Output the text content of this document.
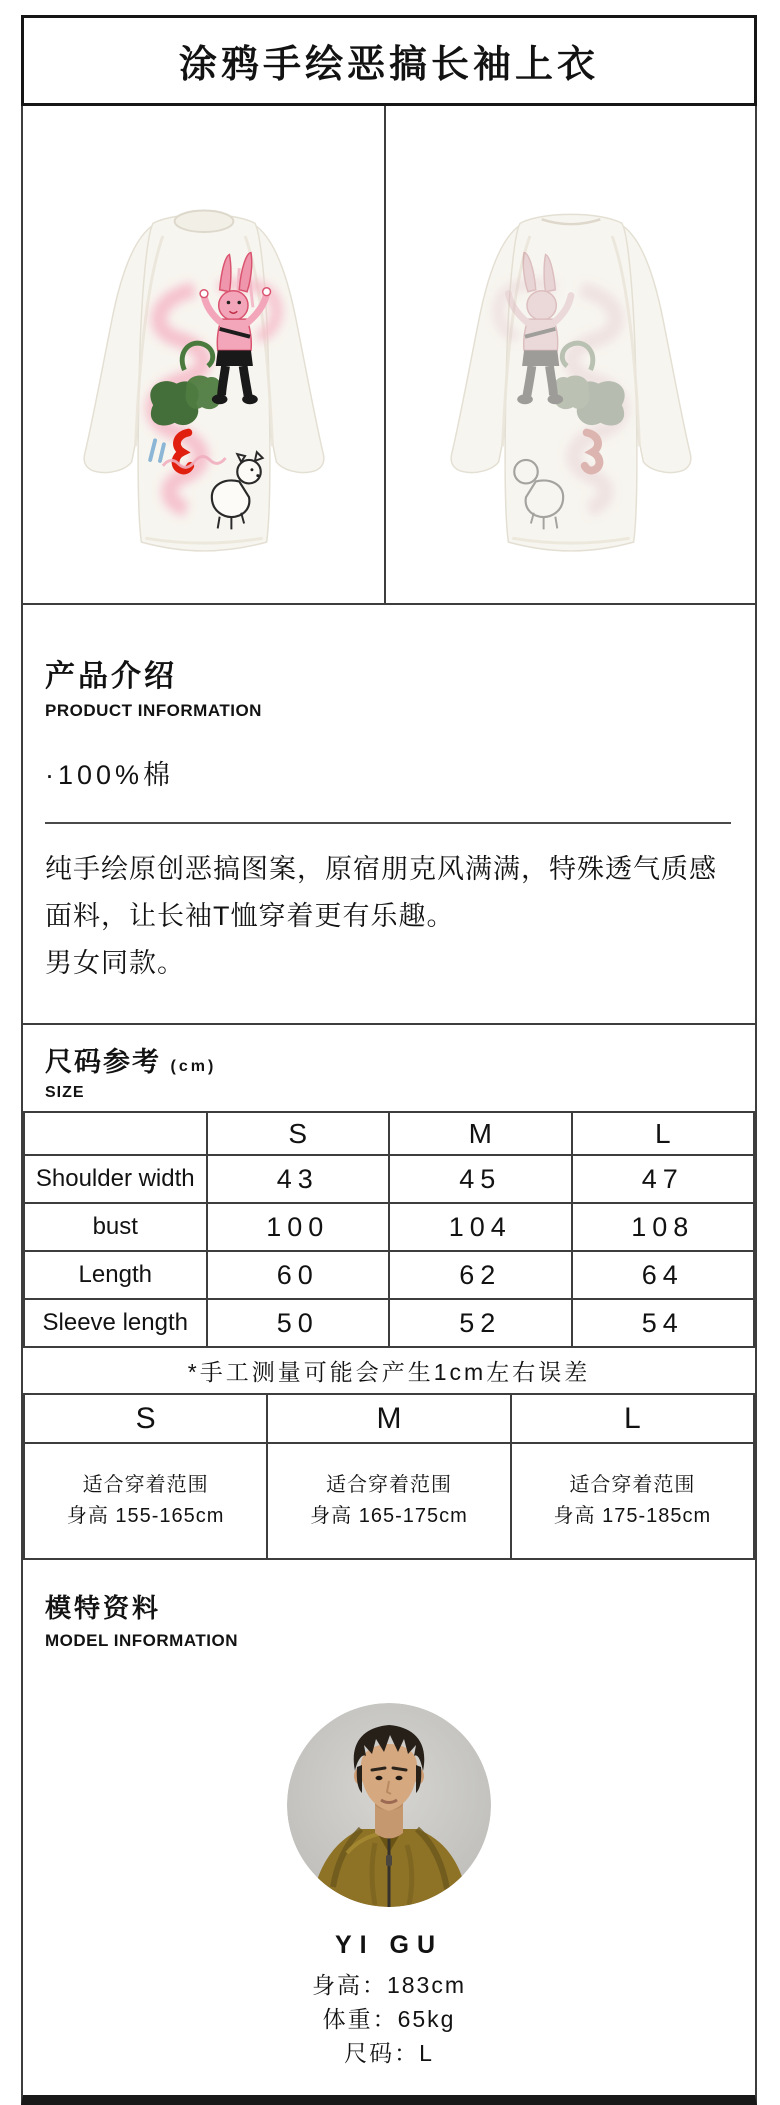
涂鸦手绘恶搞长袖上衣
产品介绍
PRODUCT INFORMATION
·100%棉
纯手绘原创恶搞图案，原宿朋克风满满，特殊透气质感
面料，让长袖T恤穿着更有乐趣。
男女同款。
尺码参考 (cm)
SIZE
	S	M	L
Shoulder width	43	45	47
bust	100	104	108
Length	60	62	64
Sleeve length	50	52	54
*手工测量可能会产生1cm左右误差
S	M	L

适合穿着范围
身高 155-165cm

适合穿着范围
身高 165-175cm

适合穿着范围
身高 175-185cm
模特资料
MODEL INFORMATION
YI GU
身高：183cm
体重：65kg
尺码：L
